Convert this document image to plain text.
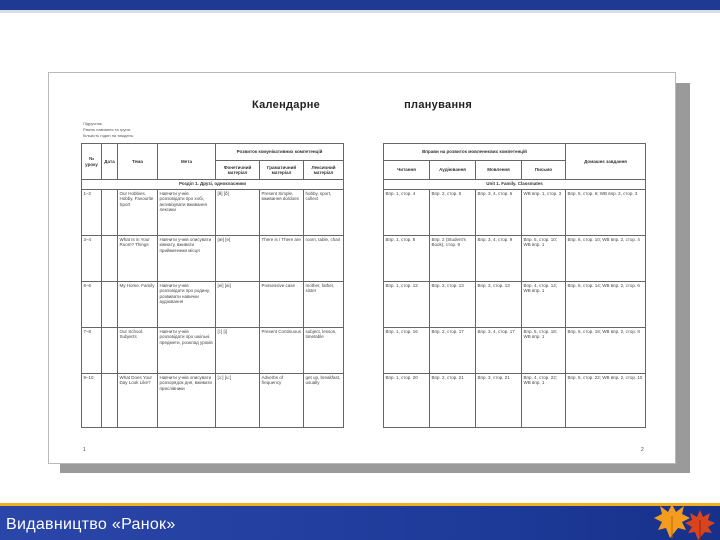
Календарне	планування
Підручник:
Рівень навчання та група:
Кількість годин на тиждень:
№ уроку	Дата	Тема	Мета	Розвиток комунікативних компетенцій		
				Фонетичний матеріал	Граматичний матеріал	Лексичний матеріал
Розділ 1. Друзі, однокласники						
1–2		Our Hobbies. Hobby. Favourite Sport	Навчити учнів розповідати про хобі, активізувати вживання лексики	[θ] [ð]	Present Simple, вживання do/does	hobby, sport, collect
3–4		What Is in Your Room? Things	Навчити учнів описувати кімнату, вживати прийменники місця	[æ] [e]	There is / There are	room, table, chair
5–6		My Home. Family	Навчити учнів розповідати про родину, розвивати навички аудіювання	[ei] [ai]	Possessive case	mother, father, sister
7–8		Our School. Subjects	Навчити учнів розповідати про шкільні предмети, розклад уроків	[i:] [i]	Present Continuous	subject, lesson, timetable
9–10		What Does Your Day Look Like?	Навчити учнів описувати розпорядок дня, вживати прислівники	[ɔ:] [u:]	Adverbs of frequency	get up, breakfast, usually
Вправи на розвиток мовленнєвих компетенцій				Домашнє завдання
Читання	Аудіювання	Мовлення	Письмо	
Unit 1. Family. Classmates				
Впр. 1, стор. 4	Впр. 2, стор. 5	Впр. 3, 4, стор. 5	WB впр. 1, стор. 3	Впр. 5, стор. 6; WB впр. 2, стор. 3
Впр. 1, стор. 8	Впр. 2 (Student's Book), стор. 9	Впр. 3, 4, стор. 9	Впр. 5, стор. 10; WB впр. 1	Впр. 6, стор. 10; WB впр. 2, стор. 4
Впр. 1, стор. 12	Впр. 2, стор. 13	Впр. 3, стор. 13	Впр. 4, стор. 14; WB впр. 1	Впр. 5, стор. 14; WB впр. 2, стор. 6
Впр. 1, стор. 16	Впр. 2, стор. 17	Впр. 3, 4, стор. 17	Впр. 5, стор. 18; WB впр. 1	Впр. 6, стор. 18; WB впр. 2, стор. 8
Впр. 1, стор. 20	Впр. 2, стор. 21	Впр. 3, стор. 21	Впр. 4, стор. 22; WB впр. 1	Впр. 5, стор. 22; WB впр. 2, стор. 10
1	2
Видавництво «Ранок»
